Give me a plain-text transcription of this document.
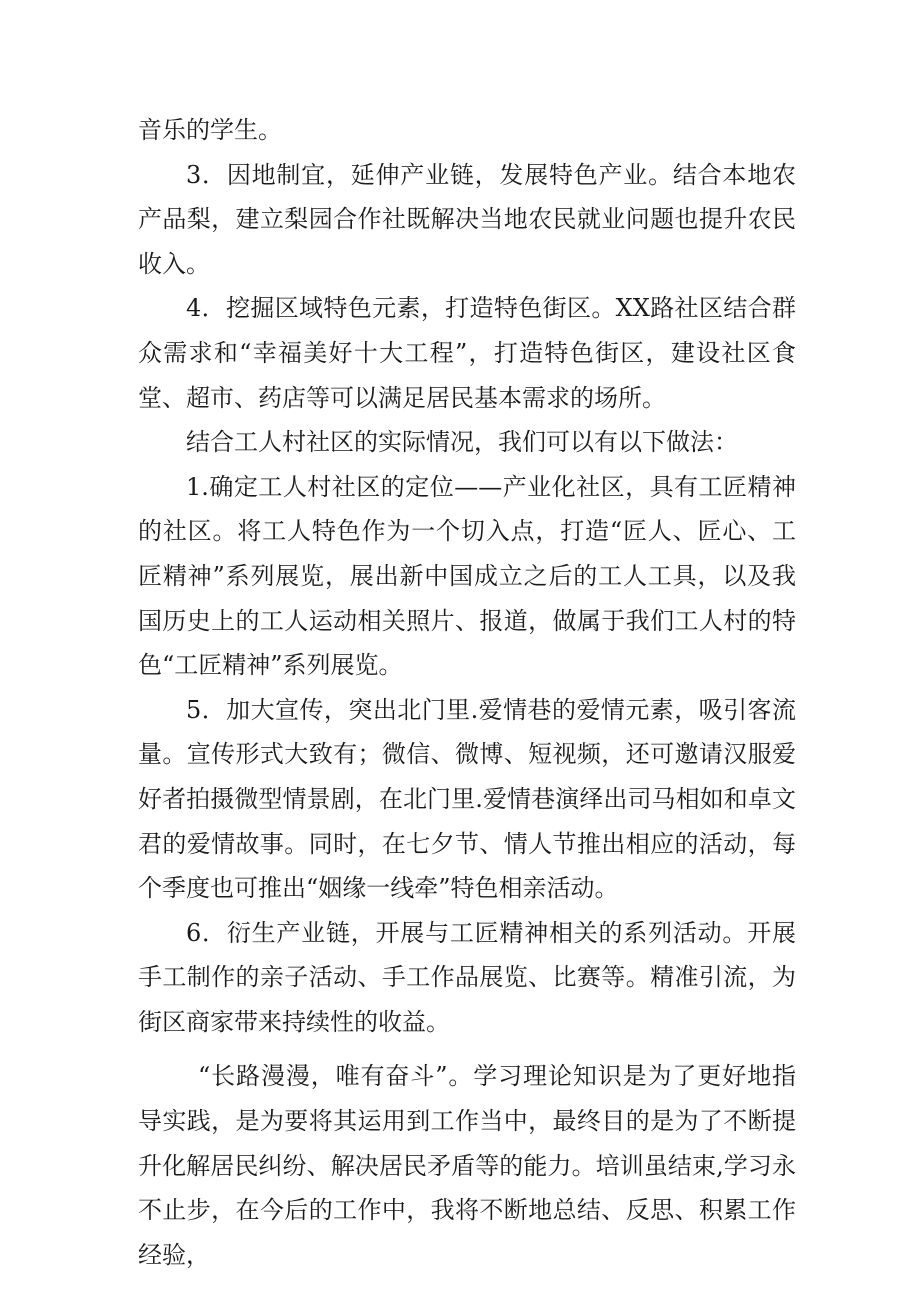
音乐的学生。

3．因地制宜，延伸产业链，发展特色产业。结合本地农产品梨，建立梨园合作社既解决当地农民就业问题也提升农民收入。

4．挖掘区域特色元素，打造特色街区。XX路社区结合群众需求和“幸福美好十大工程”，打造特色街区，建设社区食堂、超市、药店等可以满足居民基本需求的场所。

结合工人村社区的实际情况，我们可以有以下做法：

1.确定工人村社区的定位——产业化社区，具有工匠精神的社区。将工人特色作为一个切入点，打造“匠人、匠心、工匠精神”系列展览，展出新中国成立之后的工人工具，以及我国历史上的工人运动相关照片、报道，做属于我们工人村的特色“工匠精神”系列展览。

5．加大宣传，突出北门里.爱情巷的爱情元素，吸引客流量。宣传形式大致有；微信、微博、短视频，还可邀请汉服爱好者拍摄微型情景剧，在北门里.爱情巷演绎出司马相如和卓文君的爱情故事。同时，在七夕节、情人节推出相应的活动，每个季度也可推出“姻缘一线牵”特色相亲活动。

6．衍生产业链，开展与工匠精神相关的系列活动。开展手工制作的亲子活动、手工作品展览、比赛等。精准引流，为街区商家带来持续性的收益。

“长路漫漫，唯有奋斗”。学习理论知识是为了更好地指导实践，是为要将其运用到工作当中，最终目的是为了不断提升化解居民纠纷、解决居民矛盾等的能力。培训虽结束,学习永不止步，在今后的工作中，我将不断地总结、反思、积累工作经验，
